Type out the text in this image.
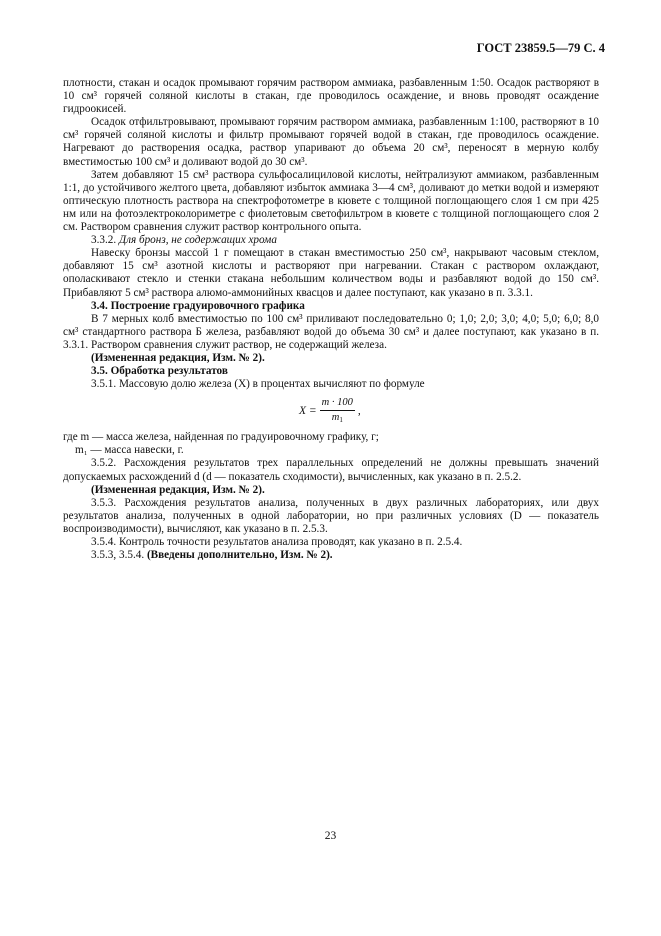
ГОСТ 23859.5—79 С. 4

плотности, стакан и осадок промывают горячим раствором аммиака, разбавленным 1:50. Осадок растворяют в 10 см³ горячей соляной кислоты в стакан, где проводилось осаждение, и вновь проводят осаждение гидроокисей.

Осадок отфильтровывают, промывают горячим раствором аммиака, разбавленным 1:100, растворяют в 10 см³ горячей соляной кислоты и фильтр промывают горячей водой в стакан, где проводилось осаждение. Нагревают до растворения осадка, раствор упаривают до объема 20 см³, переносят в мерную колбу вместимостью 100 см³ и доливают водой до 30 см³.

Затем добавляют 15 см³ раствора сульфосалициловой кислоты, нейтрализуют аммиаком, разбавленным 1:1, до устойчивого желтого цвета, добавляют избыток аммиака 3—4 см³, доливают до метки водой и измеряют оптическую плотность раствора на спектрофотометре в кювете с толщиной поглощающего слоя 1 см при 425 нм или на фотоэлектроколориметре с фиолетовым светофильтром в кювете с толщиной поглощающего слоя 2 см. Раствором сравнения служит раствор контрольного опыта.

3.3.2. Для бронз, не содержащих хрома

Навеску бронзы массой 1 г помещают в стакан вместимостью 250 см³, накрывают часовым стеклом, добавляют 15 см³ азотной кислоты и растворяют при нагревании. Стакан с раствором охлаждают, ополаскивают стекло и стенки стакана небольшим количеством воды и разбавляют водой до 150 см³. Прибавляют 5 см³ раствора алюмо-аммонийных квасцов и далее поступают, как указано в п. 3.3.1.

3.4. Построение градуировочного графика

В 7 мерных колб вместимостью по 100 см³ приливают последовательно 0; 1,0; 2,0; 3,0; 4,0; 5,0; 6,0; 8,0 см³ стандартного раствора Б железа, разбавляют водой до объема 30 см³ и далее поступают, как указано в п. 3.3.1. Раствором сравнения служит раствор, не содержащий железа.

(Измененная редакция, Изм. № 2).

3.5. Обработка результатов

3.5.1. Массовую долю железа (X) в процентах вычисляют по формуле

$X = \frac{m \cdot 100}{m_1}$ ,

где m — масса железа, найденная по градуировочному графику, г;

m₁ — масса навески, г.

3.5.2. Расхождения результатов трех параллельных определений не должны превышать значений допускаемых расхождений d (d — показатель сходимости), вычисленных, как указано в п. 2.5.2.

(Измененная редакция, Изм. № 2).

3.5.3. Расхождения результатов анализа, полученных в двух различных лабораториях, или двух результатов анализа, полученных в одной лаборатории, но при различных условиях (D — показатель воспроизводимости), вычисляют, как указано в п. 2.5.3.

3.5.4. Контроль точности результатов анализа проводят, как указано в п. 2.5.4.

3.5.3, 3.5.4. (Введены дополнительно, Изм. № 2).

23
